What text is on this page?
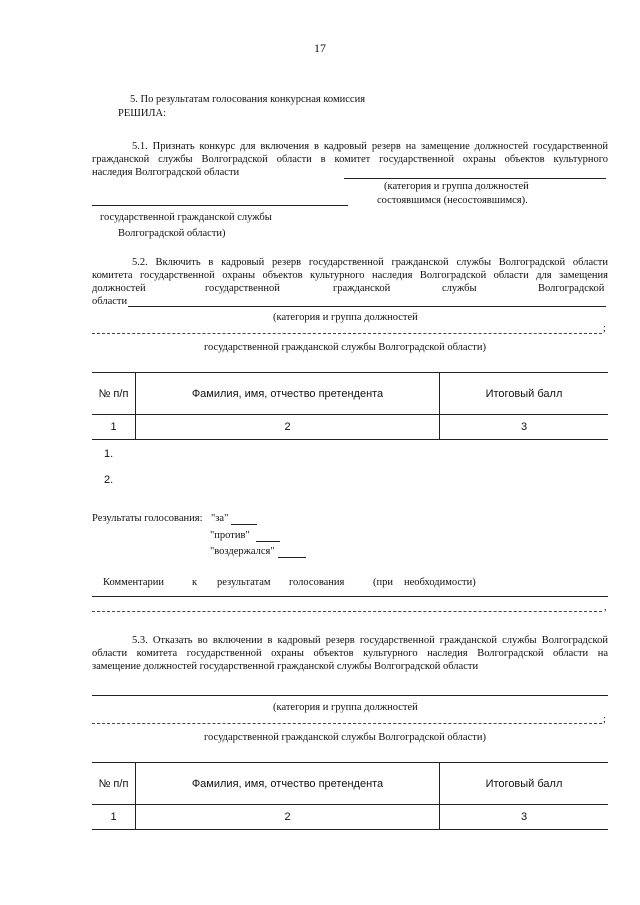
17
5. По результатам голосования конкурсная комиссия
РЕШИЛА:
5.1. Признать конкурс для включения в кадровый резерв на замещение должностей государственной
гражданской службы Волгоградской области в комитет государственной охраны объектов культурного
наследия Волгоградской области
(категория и группа должностей
состоявшимся (несостоявшимся).
государственной гражданской службы
Волгоградской области)
5.2. Включить в кадровый резерв государственной гражданской службы Волгоградской области
комитета государственной охраны объектов культурного наследия Волгоградской области для замещения
должностей	государственной	гражданской	службы	Волгоградской
области
(категория и группа должностей
;
государственной гражданской службы Волгоградской области)
№ п/п	Фамилия, имя, отчество претендента	Итоговый балл
1	2	3
1.
2.
Результаты голосования: "за"
"против"
"воздержался"
Комментарии	к результатам голосования	(при необходимости)
,
5.3. Отказать во включении в кадровый резерв государственной гражданской службы Волгоградской
области комитета государственной охраны объектов культурного наследия Волгоградской области на
замещение должностей государственной гражданской службы Волгоградской области
(категория и группа должностей
;
государственной гражданской службы Волгоградской области)
№ п/п	Фамилия, имя, отчество претендента	Итоговый балл
1	2	3
